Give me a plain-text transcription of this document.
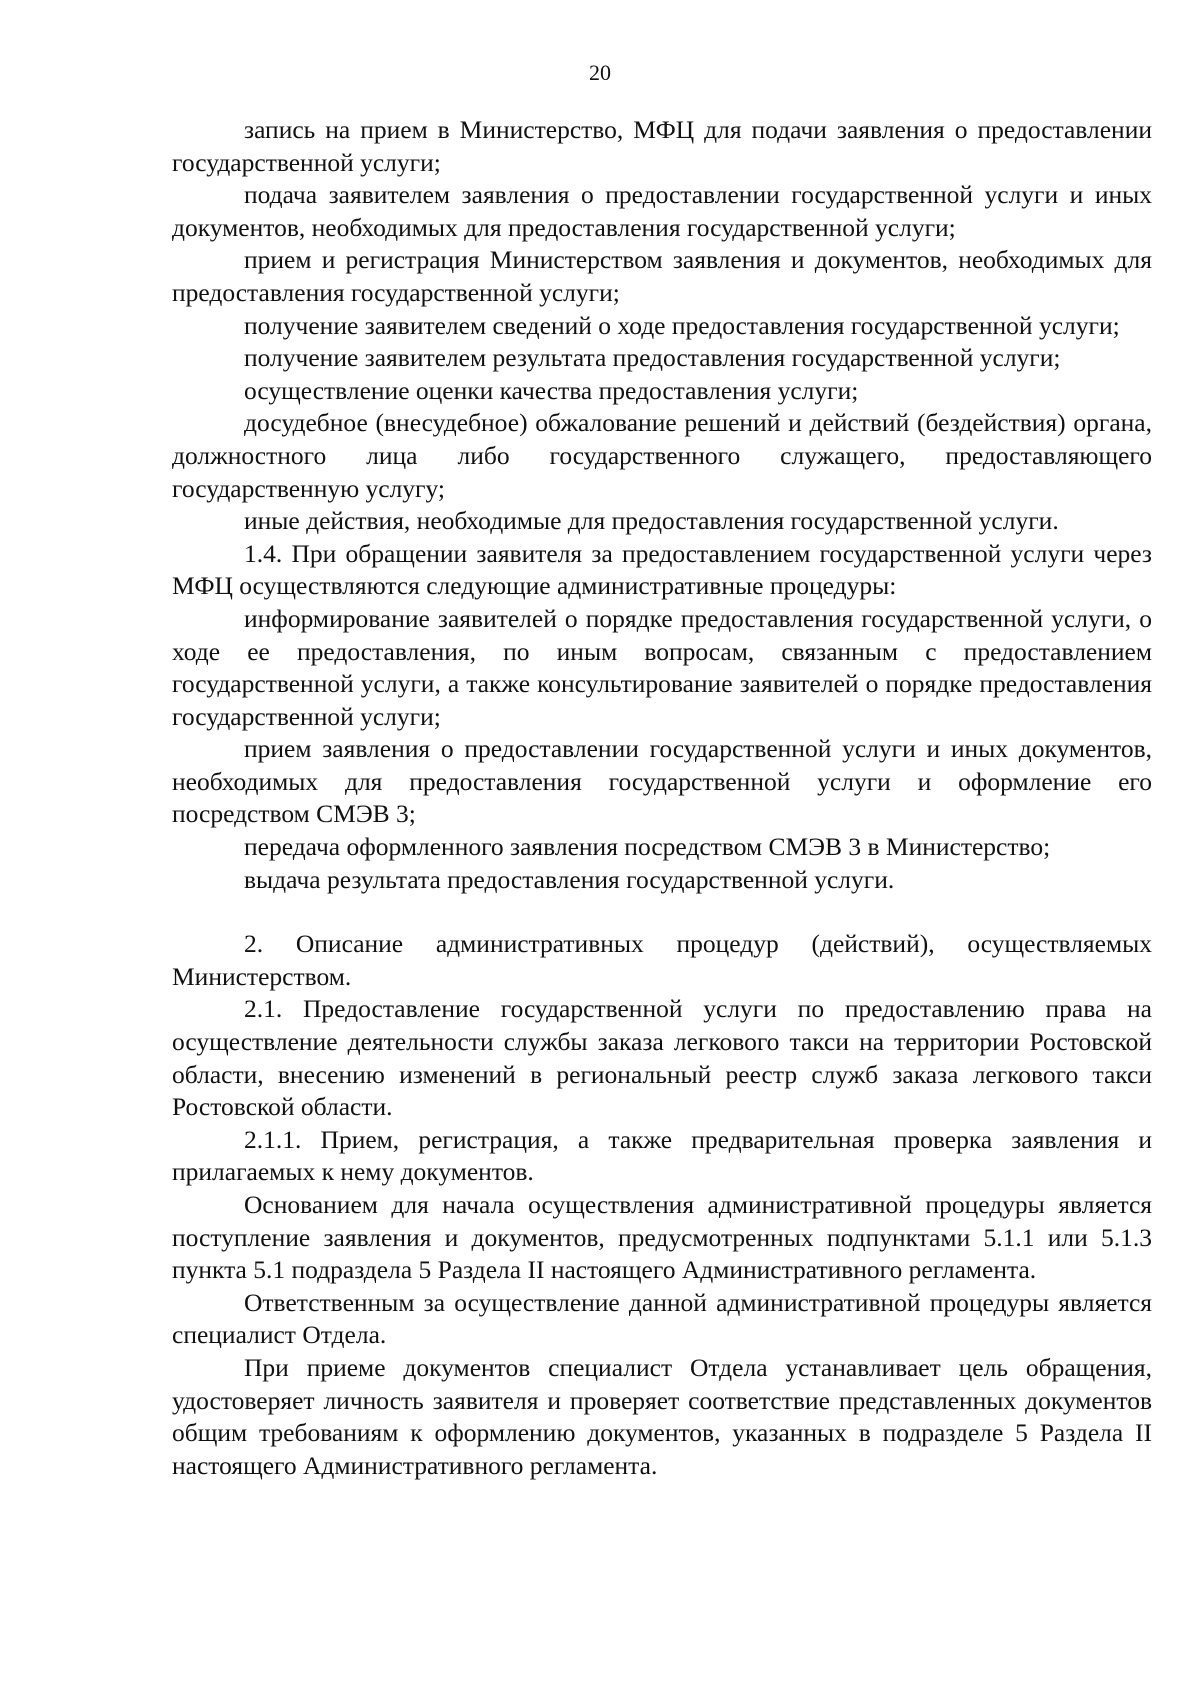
20

запись на прием в Министерство, МФЦ для подачи заявления о предоставлении государственной услуги;

подача заявителем заявления о предоставлении государственной услуги и иных документов, необходимых для предоставления государственной услуги;

прием и регистрация Министерством заявления и документов, необходимых для предоставления государственной услуги;

получение заявителем сведений о ходе предоставления государственной услуги;

получение заявителем результата предоставления государственной услуги;

осуществление оценки качества предоставления услуги;

досудебное (внесудебное) обжалование решений и действий (бездействия) органа, должностного лица либо государственного служащего, предоставляющего государственную услугу;

иные действия, необходимые для предоставления государственной услуги.

1.4. При обращении заявителя за предоставлением государственной услуги через МФЦ осуществляются следующие административные процедуры:

информирование заявителей о порядке предоставления государственной услуги, о ходе ее предоставления, по иным вопросам, связанным с предоставлением государственной услуги, а также консультирование заявителей о порядке предоставления государственной услуги;

прием заявления о предоставлении государственной услуги и иных документов, необходимых для предоставления государственной услуги и оформление его посредством СМЭВ 3;

передача оформленного заявления посредством СМЭВ 3 в Министерство;

выдача результата предоставления государственной услуги.

2. Описание административных процедур (действий), осуществляемых Министерством.

2.1. Предоставление государственной услуги по предоставлению права на осуществление деятельности службы заказа легкового такси на территории Ростовской области, внесению изменений в региональный реестр служб заказа легкового такси Ростовской области.

2.1.1. Прием, регистрация, а также предварительная проверка заявления и прилагаемых к нему документов.

Основанием для начала осуществления административной процедуры является поступление заявления и документов, предусмотренных подпунктами 5.1.1 или 5.1.3 пункта 5.1 подраздела 5 Раздела II настоящего Административного регламента.

Ответственным за осуществление данной административной процедуры является специалист Отдела.

При приеме документов специалист Отдела устанавливает цель обращения, удостоверяет личность заявителя и проверяет соответствие представленных документов общим требованиям к оформлению документов, указанных в подразделе 5 Раздела II настоящего Административного регламента.
